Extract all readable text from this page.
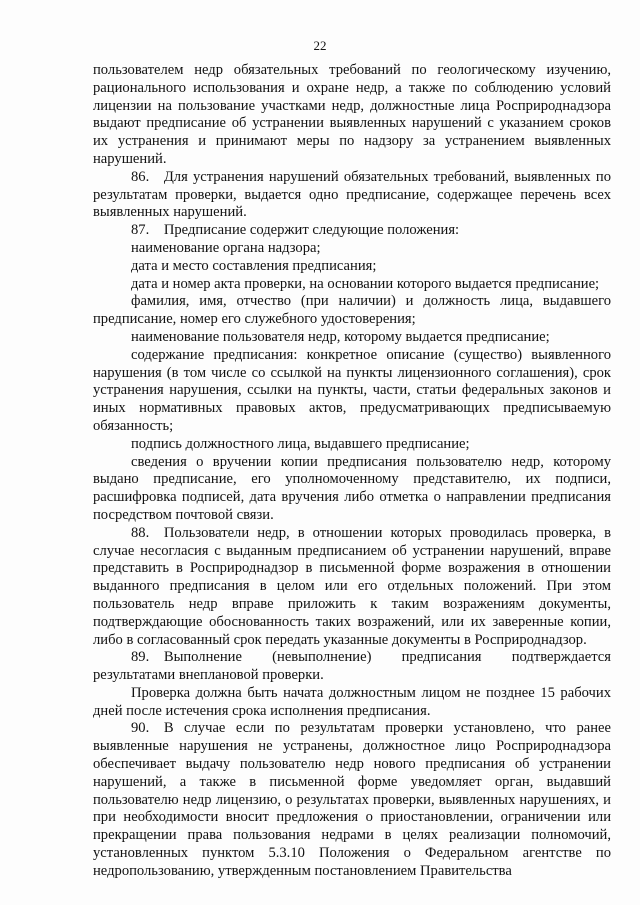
22

пользователем недр обязательных требований по геологическому изучению, рационального использования и охране недр, а также по соблюдению условий лицензии на пользование участками недр, должностные лица Росприроднадзора выдают предписание об устранении выявленных нарушений с указанием сроков их устранения и принимают меры по надзору за устранением выявленных нарушений.

86. Для устранения нарушений обязательных требований, выявленных по результатам проверки, выдается одно предписание, содержащее перечень всех выявленных нарушений.

87. Предписание содержит следующие положения:

наименование органа надзора;

дата и место составления предписания;

дата и номер акта проверки, на основании которого выдается предписание;

фамилия, имя, отчество (при наличии) и должность лица, выдавшего предписание, номер его служебного удостоверения;

наименование пользователя недр, которому выдается предписание;

содержание предписания: конкретное описание (существо) выявленного нарушения (в том числе со ссылкой на пункты лицензионного соглашения), срок устранения нарушения, ссылки на пункты, части, статьи федеральных законов и иных нормативных правовых актов, предусматривающих предписываемую обязанность;

подпись должностного лица, выдавшего предписание;

сведения о вручении копии предписания пользователю недр, которому выдано предписание, его уполномоченному представителю, их подписи, расшифровка подписей, дата вручения либо отметка о направлении предписания посредством почтовой связи.

88. Пользователи недр, в отношении которых проводилась проверка, в случае несогласия с выданным предписанием об устранении нарушений, вправе представить в Росприроднадзор в письменной форме возражения в отношении выданного предписания в целом или его отдельных положений. При этом пользователь недр вправе приложить к таким возражениям документы, подтверждающие обоснованность таких возражений, или их заверенные копии, либо в согласованный срок передать указанные документы в Росприроднадзор.

89. Выполнение (невыполнение) предписания подтверждается результатами внеплановой проверки.

Проверка должна быть начата должностным лицом не позднее 15 рабочих дней после истечения срока исполнения предписания.

90. В случае если по результатам проверки установлено, что ранее выявленные нарушения не устранены, должностное лицо Росприроднадзора обеспечивает выдачу пользователю недр нового предписания об устранении нарушений, а также в письменной форме уведомляет орган, выдавший пользователю недр лицензию, о результатах проверки, выявленных нарушениях, и при необходимости вносит предложения о приостановлении, ограничении или прекращении права пользования недрами в целях реализации полномочий, установленных пунктом 5.3.10 Положения о Федеральном агентстве по недропользованию, утвержденным постановлением Правительства
